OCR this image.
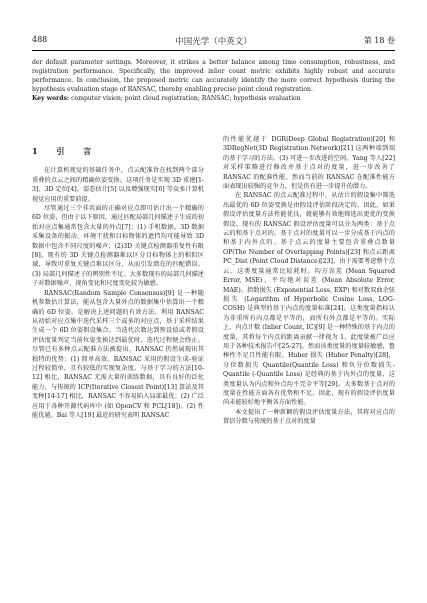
488	中国光学（中英文）	第 18 卷

der default parameter settings. Moreover, it strikes a better balance among time consumption, robustness, and registration performance. Specifically, the improved inlier count metric exhibits highly robust and accurate performance. In conclusion, the proposed metric can accurately identify the more correct hypothesis during the hypothesis evaluation stage of RANSAC, thereby enabling precise point cloud registration.

Key words: computer vision; point cloud registration; RANSAC; hypothesis evaluation

1 引 言

在计算机视觉的基础任务中，点云配准旨在找到两个部分重叠的点云之间的精确位姿变换。这项任务是实现 3D 重建[1-3]、3D 定位[4]、姿态估计[5] 以及增强现实[6] 等众多计算机视觉应用的重要前提。

尽管通过三个非共面的正确对应点即可估计出一个精确的 6D 位姿，但由于以下原因，通过匹配局部几何描述子生成的初始对应点集通常包含大量的外点[7]：(1) 手机数据。3D 数据采集设备的振动、环境干扰和目标物体的遮挡均可能导致 3D 数据中包含不同尺度的噪声；(2)3D 关键点检测器重复性有限[8]。现有的 3D 关键点检测器难以区分目标物体上的相似区域，导致可重复关键点难以区分，从而引发潜在的匹配错误。(3) 局部几何描述子的辨别性不足。大多数现有的局部几何描述子对数据噪声、视角变化和尺度变化较为敏感。

RANSAC(Random Sample Consensus)[9] 是一种随机参数估计算法，能从包含大量外点的数据集中估算出一个精确的 6D 位姿，是解决上述问题的有效方法。利用 RANSAC 从初始对应点集中迭代采样三个或多的对应点，基于采样结果生成一个 6D 位姿假设集合。当迭代次数达到预设值或者假设评估度量判定当前位姿变换达到最优时，选代过程便会终止。尽管已有多种点云配准方法被提出，RANSAC 仍然展现出其独特的优势：(1) 简单高效。RANSAC 采用的假设生成-验证过程较简单，且有较低的实现复杂度。与基于学习的方法[10-12] 相比，RANSAC 无需大量的训练数据，具有良好的泛化能力，与传统的 ICP(Iterative Closest Point)[13] 算法及其变种[14-17] 相比，RANSAC 不容易陷入局部最优；(2) 广泛应用于各种开源代码库中 (如 OpenCV 和 PCL[18])。(2) 性能优越。Bai 等人[19] 最近的研究表明 RANSAC

的性能优越于 DGR(Deep Global Registration)[20] 和 3DRegNet(3D Registration Network)[21] 这两种端到端的基于学习的方法。(3) 可进一步改进的空间。Yang 等人[22] 对采样策略进行修改并基于点对的度量，进一步改善了 RANSAC 的配准性能。然而当前的 RANSAC 在配准性能方面表现出较强的竞争力，但是仍有进一步提升的潜力。

在 RANSAC 的点云配准过程中，从估计的假设集中筛选出最优的 6D 位姿变换是由假设评估阶段决定的。因此，如果假设评估度量方法性能优良，就能够有效地筛选出更优的变换假设。现有的 RANSAC 假设评估度量可以分为两类：基于点云的和基于点对的。基于点对的度量可以一步分成基于内点的和基于内外点的。基于点云的度量主要包含重叠点数量 OP(The Number of Overlapping Points)[23] 和点云距离 PC_Dist (Point Cloud Distance)[23]，由于需要考虑整个点云，这类度量通常比较耗时。均方误差 (Mean Squared Error, MSE)、平均绝对误差 (Mean Absolute Error, MAE)、指数损失 (Exponential Loss, EXP) 和对数双曲余弦损失 (Logarithm of Hyperbolic Cosine Loss, LOG-COSH) 是典型的基于内点的度量标准[24]。这类度量指标认为非重所有内点都是平等的，而所有外点都是平等的。实际上，内点计数 (Inlier Count, IC)[9] 是一种特殊的基于内点的度量，其将每个内点的距离贡献一律视为 1，此度量被广泛应用于各种技术报告中[25-27]。然而该类度量的度量较敏感，鲁棒性不足且性能有限。Huber 损失 (Huber Penalty)[28]，分位数损失 Quantile(Quantile Loss) 和负分位数损失-Quantile (-Quantile Loss) 是经典的基于内外点的度量，这类度量认为内点和外点均不完全平等[29]。大多数基于点对的度量在性能方面各有优势和不足。因此，现有的假设评估度量尚未能较好地平衡各方面性能。

本文提出了一种新颖的假设评估度量方法，其将对应点的置信分数与传统的基于点对的度量
